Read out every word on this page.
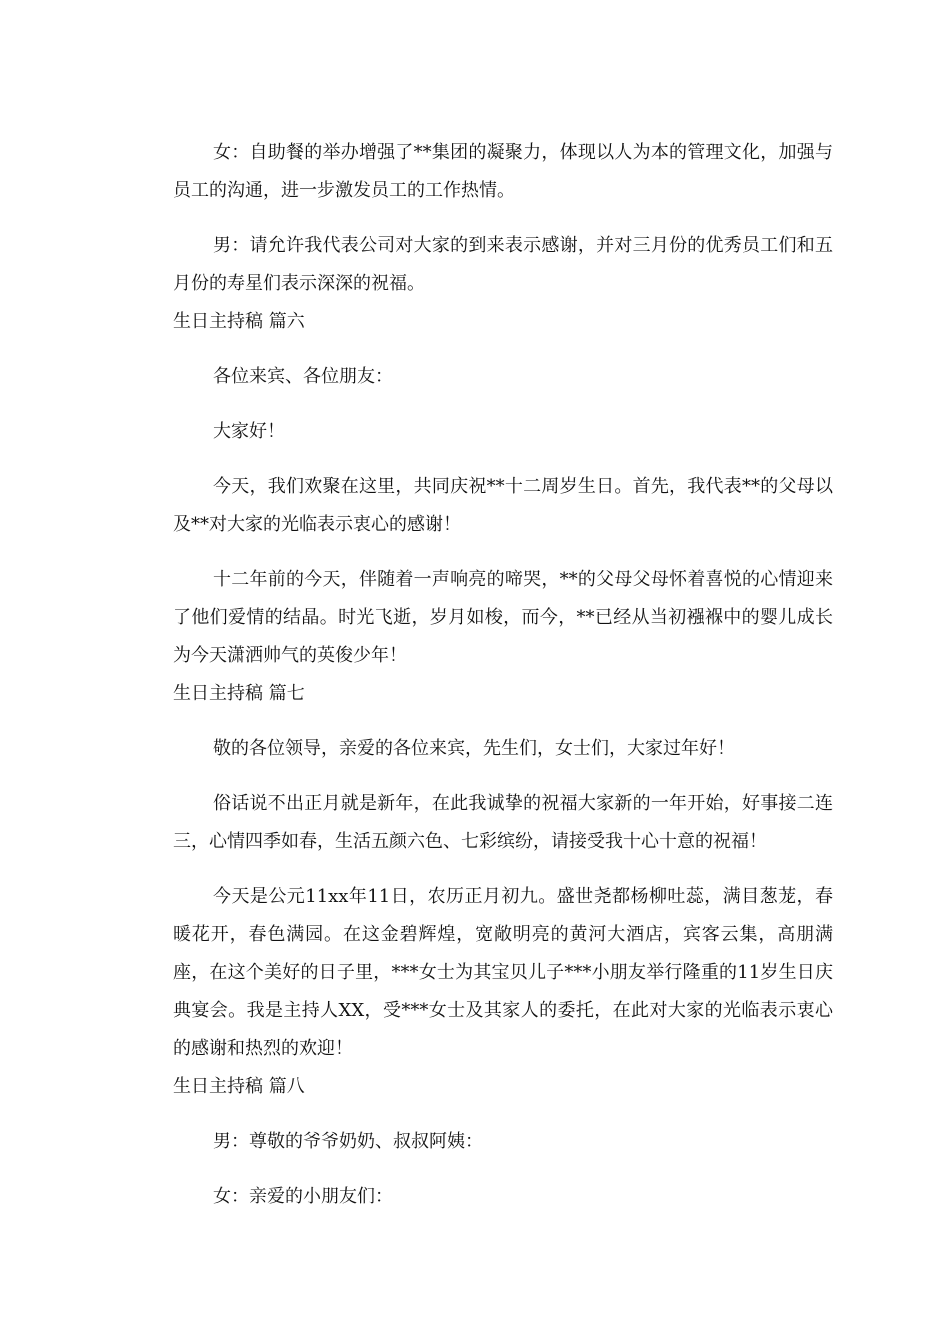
女：自助餐的举办增强了**集团的凝聚力，体现以人为本的管理文化，加强与员工的沟通，进一步激发员工的工作热情。

男：请允许我代表公司对大家的到来表示感谢，并对三月份的优秀员工们和五月份的寿星们表示深深的祝福。

生日主持稿 篇六

各位来宾、各位朋友：

大家好！

今天，我们欢聚在这里，共同庆祝**十二周岁生日。首先，我代表**的父母以及**对大家的光临表示衷心的感谢！

十二年前的今天，伴随着一声响亮的啼哭，**的父母父母怀着喜悦的心情迎来了他们爱情的结晶。时光飞逝，岁月如梭，而今，**已经从当初襁褓中的婴儿成长为今天潇洒帅气的英俊少年！

生日主持稿 篇七

敬的各位领导，亲爱的各位来宾，先生们，女士们，大家过年好！

俗话说不出正月就是新年，在此我诚挚的祝福大家新的一年开始，好事接二连三，心情四季如春，生活五颜六色、七彩缤纷，请接受我十心十意的祝福！

今天是公元11xx年11日，农历正月初九。盛世尧都杨柳吐蕊，满目葱茏，春暖花开，春色满园。在这金碧辉煌，宽敞明亮的黄河大酒店，宾客云集，高朋满座，在这个美好的日子里，***女士为其宝贝儿子***小朋友举行隆重的11岁生日庆典宴会。我是主持人XX，受***女士及其家人的委托，在此对大家的光临表示衷心的感谢和热烈的欢迎！

生日主持稿 篇八

男：尊敬的爷爷奶奶、叔叔阿姨：

女：亲爱的小朋友们：
